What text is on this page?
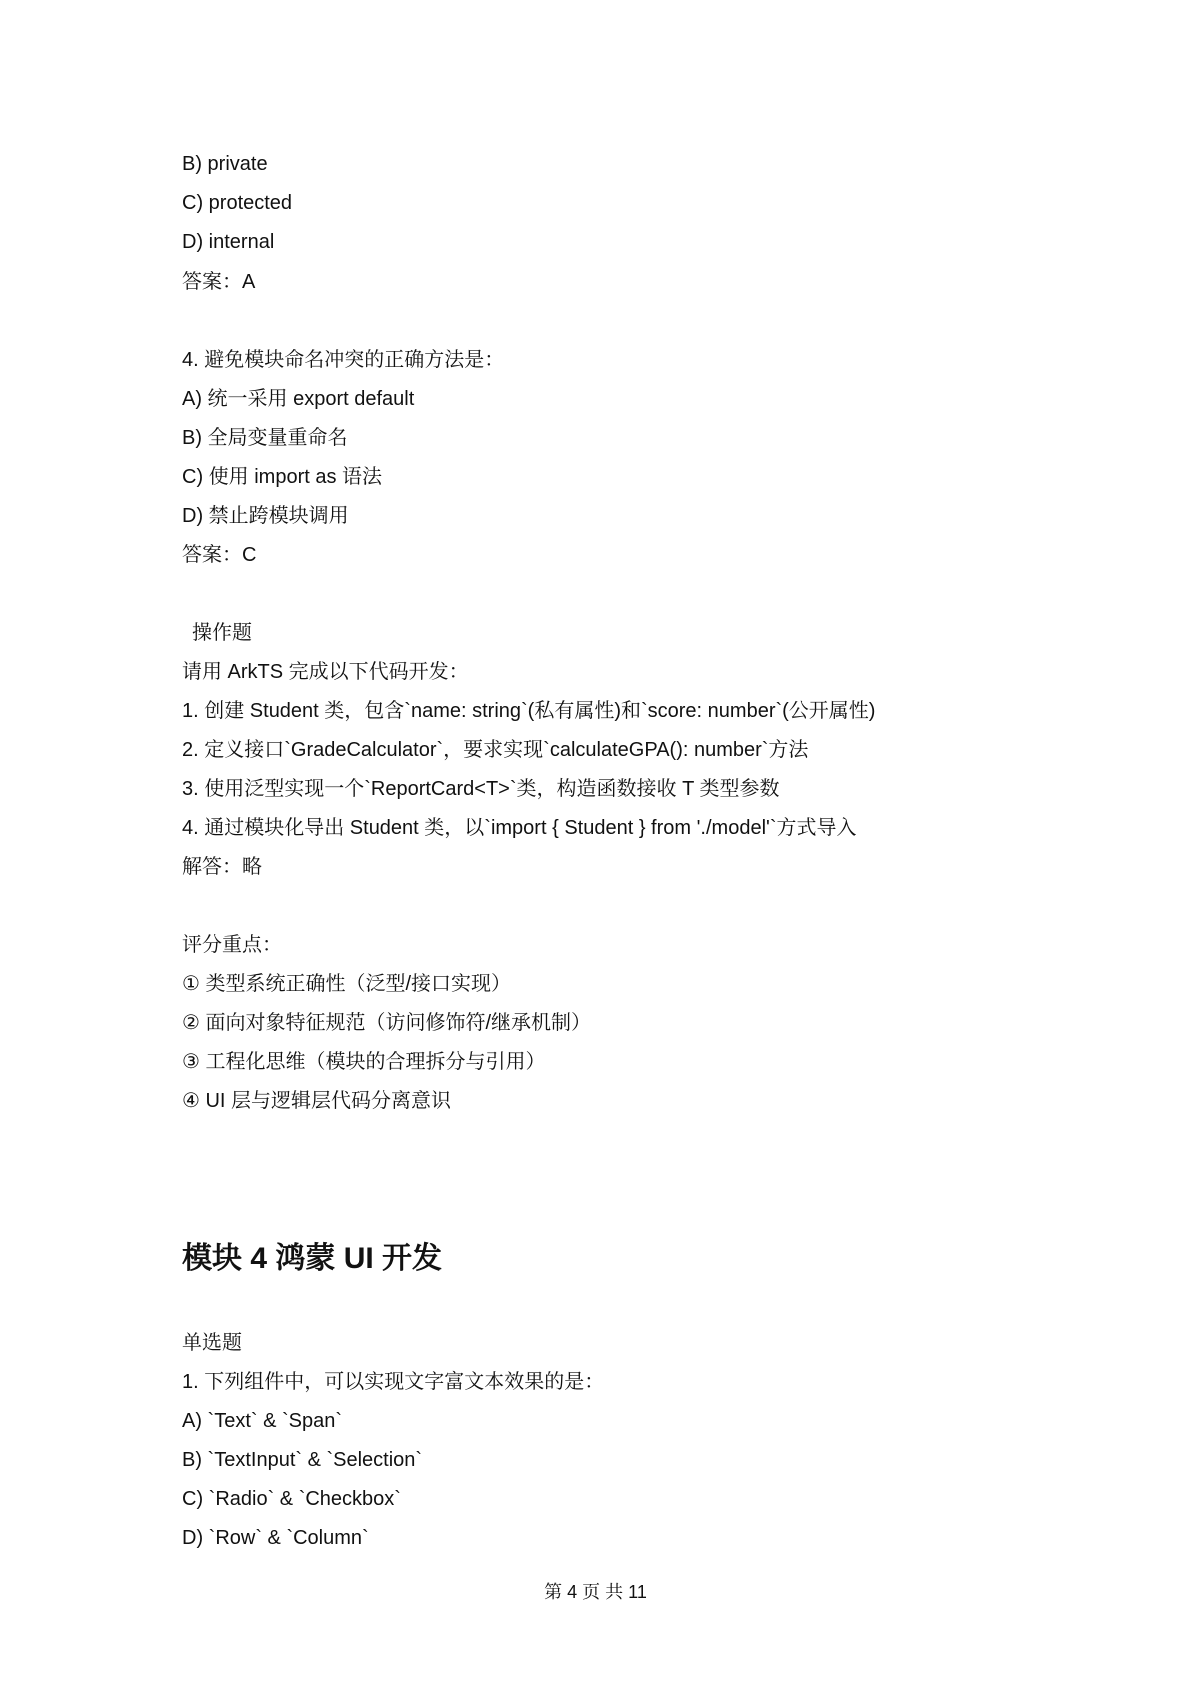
B) private
C) protected
D) internal
答案：A
4. 避免模块命名冲突的正确方法是：
A) 统一采用 export default
B) 全局变量重命名
C) 使用 import as 语法
D) 禁止跨模块调用
答案：C
操作题
请用 ArkTS 完成以下代码开发：
1. 创建 Student 类，包含`name: string`(私有属性)和`score: number`(公开属性)
2. 定义接口`GradeCalculator`，要求实现`calculateGPA(): number`方法
3. 使用泛型实现一个`ReportCard<T>`类，构造函数接收 T 类型参数
4. 通过模块化导出 Student 类，以`import { Student } from './model'`方式导入
解答：略
评分重点：
① 类型系统正确性（泛型/接口实现）
② 面向对象特征规范（访问修饰符/继承机制）
③ 工程化思维（模块的合理拆分与引用）
④ UI 层与逻辑层代码分离意识
模块 4 鸿蒙 UI 开发
单选题
1. 下列组件中，可以实现文字富文本效果的是：
A) `Text` & `Span`
B) `TextInput` & `Selection`
C) `Radio` & `Checkbox`
D) `Row` & `Column`
第 4 页 共 11
